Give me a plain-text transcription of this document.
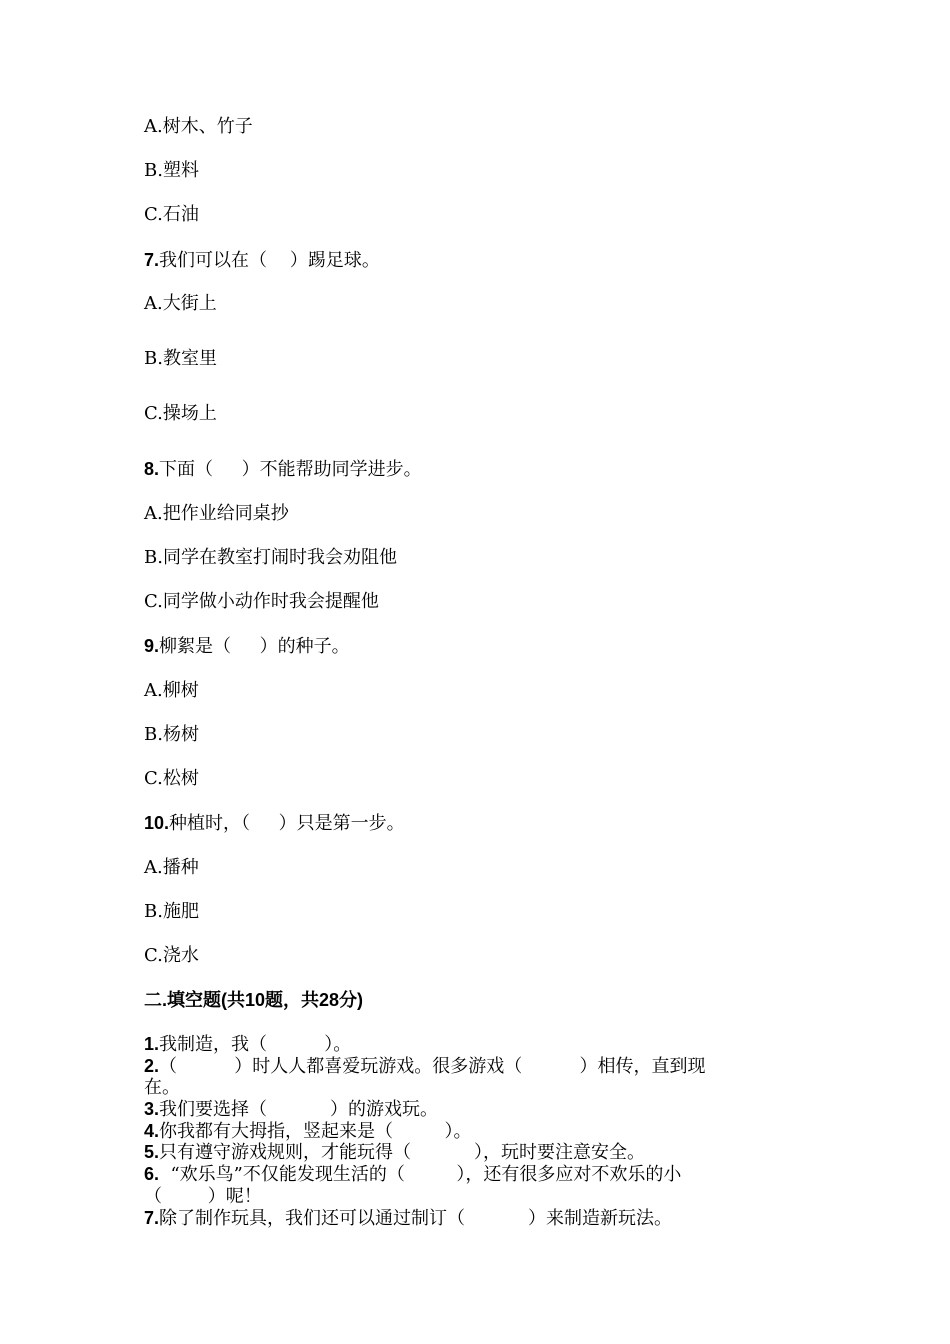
A.树木、竹子
B.塑料
C.石油
7.我们可以在（    ）踢足球。
A.大街上
B.教室里
C.操场上
8.下面（     ）不能帮助同学进步。
A.把作业给同桌抄
B.同学在教室打闹时我会劝阻他
C.同学做小动作时我会提醒他
9.柳絮是（     ）的种子。
A.柳树
B.杨树
C.松树
10.种植时，（     ）只是第一步。
A.播种
B.施肥
C.浇水
二.填空题(共10题，共28分)
1.我制造，我（          ）。
2.（          ）时人人都喜爱玩游戏。很多游戏（          ）相传，直到现
在。
3.我们要选择（           ）的游戏玩。
4.你我都有大拇指，竖起来是（         ）。
5.只有遵守游戏规则，才能玩得（           ），玩时要注意安全。
6.  “欢乐鸟”不仅能发现生活的（         ），还有很多应对不欢乐的小
（        ）呢！
7.除了制作玩具，我们还可以通过制订（           ）来制造新玩法。
